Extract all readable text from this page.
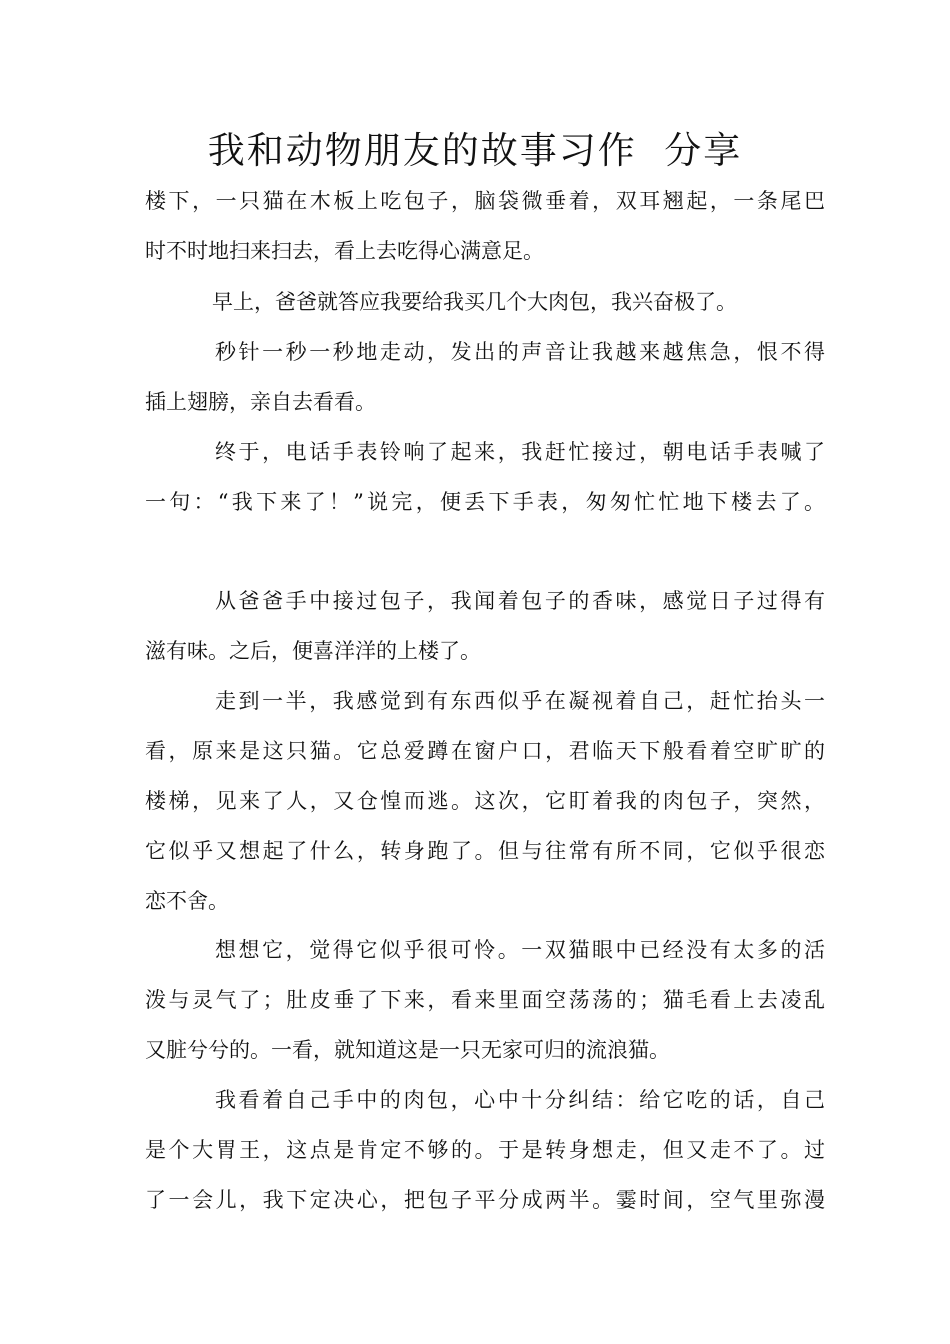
我和动物朋友的故事习作  分享

楼下，一只猫在木板上吃包子，脑袋微垂着，双耳翘起，一条尾巴

时不时地扫来扫去，看上去吃得心满意足。

早上，爸爸就答应我要给我买几个大肉包，我兴奋极了。

秒针一秒一秒地走动，发出的声音让我越来越焦急，恨不得

插上翅膀，亲自去看看。

终于，电话手表铃响了起来，我赶忙接过，朝电话手表喊了

一句：“我下来了！”说完，便丢下手表，匆匆忙忙地下楼去了。

从爸爸手中接过包子，我闻着包子的香味，感觉日子过得有

滋有味。之后，便喜洋洋的上楼了。

走到一半，我感觉到有东西似乎在凝视着自己，赶忙抬头一

看，原来是这只猫。它总爱蹲在窗户口，君临天下般看着空旷旷的

楼梯，见来了人，又仓惶而逃。这次，它盯着我的肉包子，突然，

它似乎又想起了什么，转身跑了。但与往常有所不同，它似乎很恋

恋不舍。

想想它，觉得它似乎很可怜。一双猫眼中已经没有太多的活

泼与灵气了；肚皮垂了下来，看来里面空荡荡的；猫毛看上去凌乱

又脏兮兮的。一看，就知道这是一只无家可归的流浪猫。

我看着自己手中的肉包，心中十分纠结：给它吃的话，自己

是个大胃王，这点是肯定不够的。于是转身想走，但又走不了。过

了一会儿，我下定决心，把包子平分成两半。霎时间，空气里弥漫
